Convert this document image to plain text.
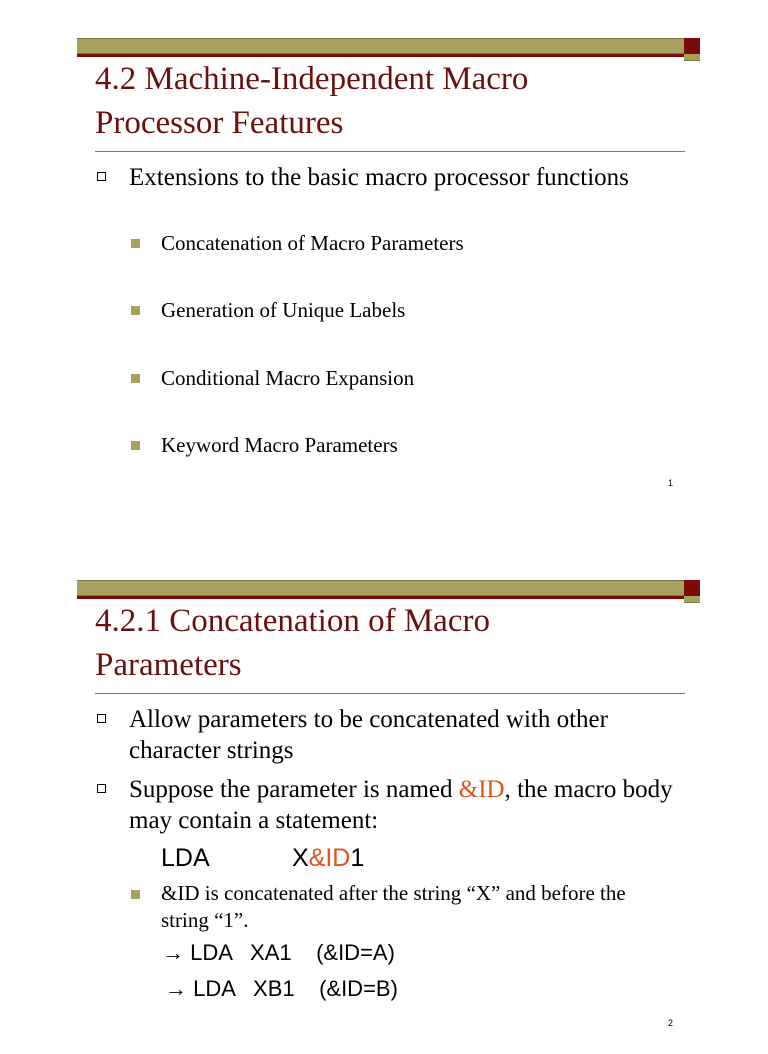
4.2 Machine-Independent Macro
Processor Features
Extensions to the basic macro processor functions
Concatenation of Macro Parameters
Generation of Unique Labels
Conditional Macro Expansion
Keyword Macro Parameters
1
4.2.1 Concatenation of Macro
Parameters
Allow parameters to be concatenated with other character strings
Suppose the parameter is named &ID, the macro body may contain a statement:
LDA	X&ID1
&ID is concatenated after the string “X” and before the string “1”.
→ LDA   XA1    (&ID=A)
→ LDA   XB1    (&ID=B)
2
